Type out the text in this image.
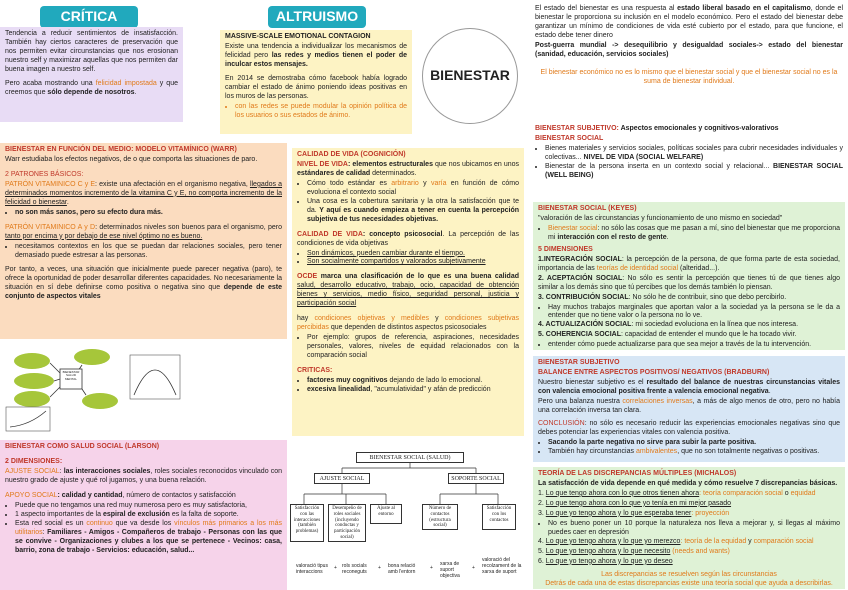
CRÍTICA	ALTRUISMO

Tendencia a reducir sentimientos de insatisfacción. También hay ciertos caracteres de preservación que nos permiten evitar circunstancias que nos erosionan nuestro self y maximizar aquellas que nos permiten dar buena imagen a nuestro self.

Pero acaba mostrando una felicidad impostada y que creemos que sólo depende de nosotros.

MASSIVE-SCALE EMOTIONAL CONTAGION

Existe una tendencia a individualizar los mecanismos de felicidad pero las redes y medios tienen el poder de inculcar estos mensajes.

En 2014 se demostraba cómo facebook había logrado cambiar el estado de ánimo poniendo ideas positivas en los muros de las personas.

• con las redes se puede modular la opinión política de los usuarios o sus estados de ánimo.
BIENESTAR

El estado del bienestar es una respuesta al estado liberal basado en el capitalismo, donde el bienestar le proporciona su inclusión en el modelo económico. Pero el estado del bienestar debe garantizar un mínimo de condiciones de vida esté cubierto por el estado, para que funcione, el estado debe tener dinero

Post-guerra mundial -> desequilibrio y desigualdad sociales-> estado del bienestar (sanidad, educación, servicios sociales)

El bienestar económico no es lo mismo que el bienestar social y que el bienestar social no es la suma de bienestar individual.

BIENESTAR SUBJETIVO: Aspectos emocionales y cognitivos-valorativos

BIENESTAR SOCIAL

• Bienes materiales y servicios sociales, políticas sociales para cubrir necesidades individuales y colectivas... NIVEL DE VIDA (SOCIAL WELFARE)
• Bienestar de la persona inserta en un contexto social y relacional... BIENESTAR SOCIAL (WELL BEING)

BIENESTAR SOCIAL (KEYES)

"valoración de las circunstancias y funcionamiento de uno mismo en sociedad"

• Bienestar social: no sólo las cosas que me pasan a mí, sino del bienestar que me proporciona mi interacción con el resto de gente.

5 DIMENSIONES

1.INTEGRACIÓN SOCIAL: la percepción de la persona, de que forma parte de esta sociedad, importancia de las teorías de identidad social (alteridad...).

2. ACEPTACIÓN SOCIAL: No sólo es sentir la percepción que tienes tú de que tienes algo similar a los demás sino que tú percibes que los demás también lo piensan.

3. CONTRIBUCIÓN SOCIAL: No sólo he de contribuir, sino que debo percibirlo.

• Hay muchos trabajos marginales que aportan valor a la sociedad ya la persona se le da a entender que no tiene valor o la persona no lo ve.

4. ACTUALIZACIÓN SOCIAL: mi sociedad evoluciona en la línea que nos interesa.

5. COHERENCIA SOCIAL: capacidad de entender el mundo que le ha tocado vivir.

• entender cómo puede actualizarse para que sea mejor a través de la tu intervención.

BIENESTAR SUBJETIVO

BALANCE ENTRE ASPECTOS POSITIVOS/ NEGATIVOS (BRADBURN)

Nuestro bienestar subjetivo es el resultado del balance de nuestras circunstancias vitales con valencia emocional positiva frente a valencia emocional negativa.

Pero una balanza nuestra correlaciones inversas, a más de algo menos de otro, pero no había una correlación inversa tan clara.

CONCLUSIÓN: no sólo es necesario reducir las experiencias emocionales negativas sino que debes potenciar las experiencias vitales con valencia positiva.

• Sacando la parte negativa no sirve para subir la parte positiva.
• También hay circunstancias ambivalentes, que no son totalmente negativas o positivas.

TEORÍA DE LAS DISCREPANCIAS MÚLTIPLES (MICHALOS)

La satisfacción de vida depende en qué medida y cómo resuelve 7 discrepancias básicas.

1. Lo que tengo ahora con lo que otros tienen ahora: teoría comparación social o equidad

2. Lo que tengo ahora con lo que yo tenía en mi mejor pasado

3. Lo que yo tengo ahora y lo que esperaba tener: proyección

• No es bueno poner un 10 porque la naturaleza nos lleva a mejorar y, si llegas al máximo puedes caer en depresión

4. Lo que yo tengo ahora y lo que yo merezco: teoría de la equidad y comparación social

5. Lo que yo tengo ahora y lo que necesito (needs and wants)

6. Lo que yo tengo ahora y lo que yo deseo

Las discrepancias se resuelven según las circunstancias

Detrás de cada una de estas discrepancias existe una teoría social que ayuda a describirlas.

BIENESTAR EN FUNCIÓN DEL MEDIO: MODELO VITAMÍNICO (WARR)

Warr estudiaba los efectos negativos, de o que comporta las situaciones de paro.

2 PATRONES BÁSICOS:

PATRÓN VITAMINICO C y E: existe una afectación en el organismo negativa, llegados a determinados momentos incremento de la vitamina C y E, no comporta incremento de la felicidad o bienestar.

• no son más sanos, pero su efecto dura más.

PATRÓN VITAMINICO A y D: determinados niveles son buenos para el organismo, pero tanto por encima y por debajo de ese nivel óptimo no es bueno.

• necesitamos contextos en los que se puedan dar relaciones sociales, pero tener demasiado puede estresar a las personas.

Por tanto, a veces, una situación que inicialmente puede parecer negativa (paro), te ofrece la oportunidad de poder desarrollar diferentes capacidades. No necesariamente la situación en sí debe definirse como positiva o negativa sino que depende de este conjunto de aspectos vitales

BIENESTAR SALUD MENTAL

CALIDAD DE VIDA (COGNICIÓN)

NIVEL DE VIDA: elementos estructurales que nos ubicamos en unos estándares de calidad determinados.

• Cómo todo estándar es arbitrario y varía en función de cómo evoluciona el contexto social
• Una cosa es la cobertura sanitaria y la otra la satisfacción que te da. Y aquí es cuando empieza a tener en cuenta la percepción subjetiva de tus necesidades objetivas.

CALIDAD DE VIDA: concepto psicosocial. La percepción de las condiciones de vida objetivas

• Son dinámicos, pueden cambiar durante el tiempo.
• Son socialmente compartidos y valorados subjetivamente

OCDE marca una clasificación de lo que es una buena calidad salud, desarrollo educativo, trabajo, ocio, capacidad de obtención bienes y servicios, medio físico, seguridad personal, justicia y participación social

hay condiciones objetivas y medibles y condiciones subjetivas percibidas que dependen de distintos aspectos psicosociales

• Por ejemplo: grupos de referencia, aspiraciones, necesidades personales, valores, niveles de equidad relacionados con la comparación social

CRITICAS:

• factores muy cognitivos dejando de lado lo emocional.
• excesiva linealidad, "acumulatividad" y afán de predicción

BIENESTAR COMO SALUD SOCIAL (LARSON)

2 DIMENSIONES:

AJUSTE SOCIAL: las interacciones sociales, roles sociales reconocidos vinculado con nuestro grado de ajuste y qué rol jugamos, y una buena relación.

APOYO SOCIAL: calidad y cantidad, número de contactos y satisfacción

• Puede que no tengamos una red muy numerosa pero es muy satisfactoria,
• 1 aspecto importantes de la espiral de exclusión es la falta de soporte.
• Esta red social es un continuo que va desde los vínculos más primarios a los más utilitarios: Familiares - Amigos - Compañeros de trabajo - Personas con las que se convive - Organizaciones y clubes a los que se pertenece - Vecinos: casa, barrio, zona de trabajo - Servicios: educación, salud...
BIENESTAR SOCIAL (SALUD)
AJUSTE SOCIAL	SOPORTE SOCIAL
Satisfacción con las interacciones (también problemas)
Desempeño de roles sociales (incluyendo conductas y participación social)
Ajuste al entorno
Número de contactos (estructura social)
Satisfacción con los contactos
valoració tipus interaccions
+ rols socials reconeguts
+ bona relació amb l'entorn
+
xarxa de suport objectiva
+
valoració del recolzament de la xarxa de suport
